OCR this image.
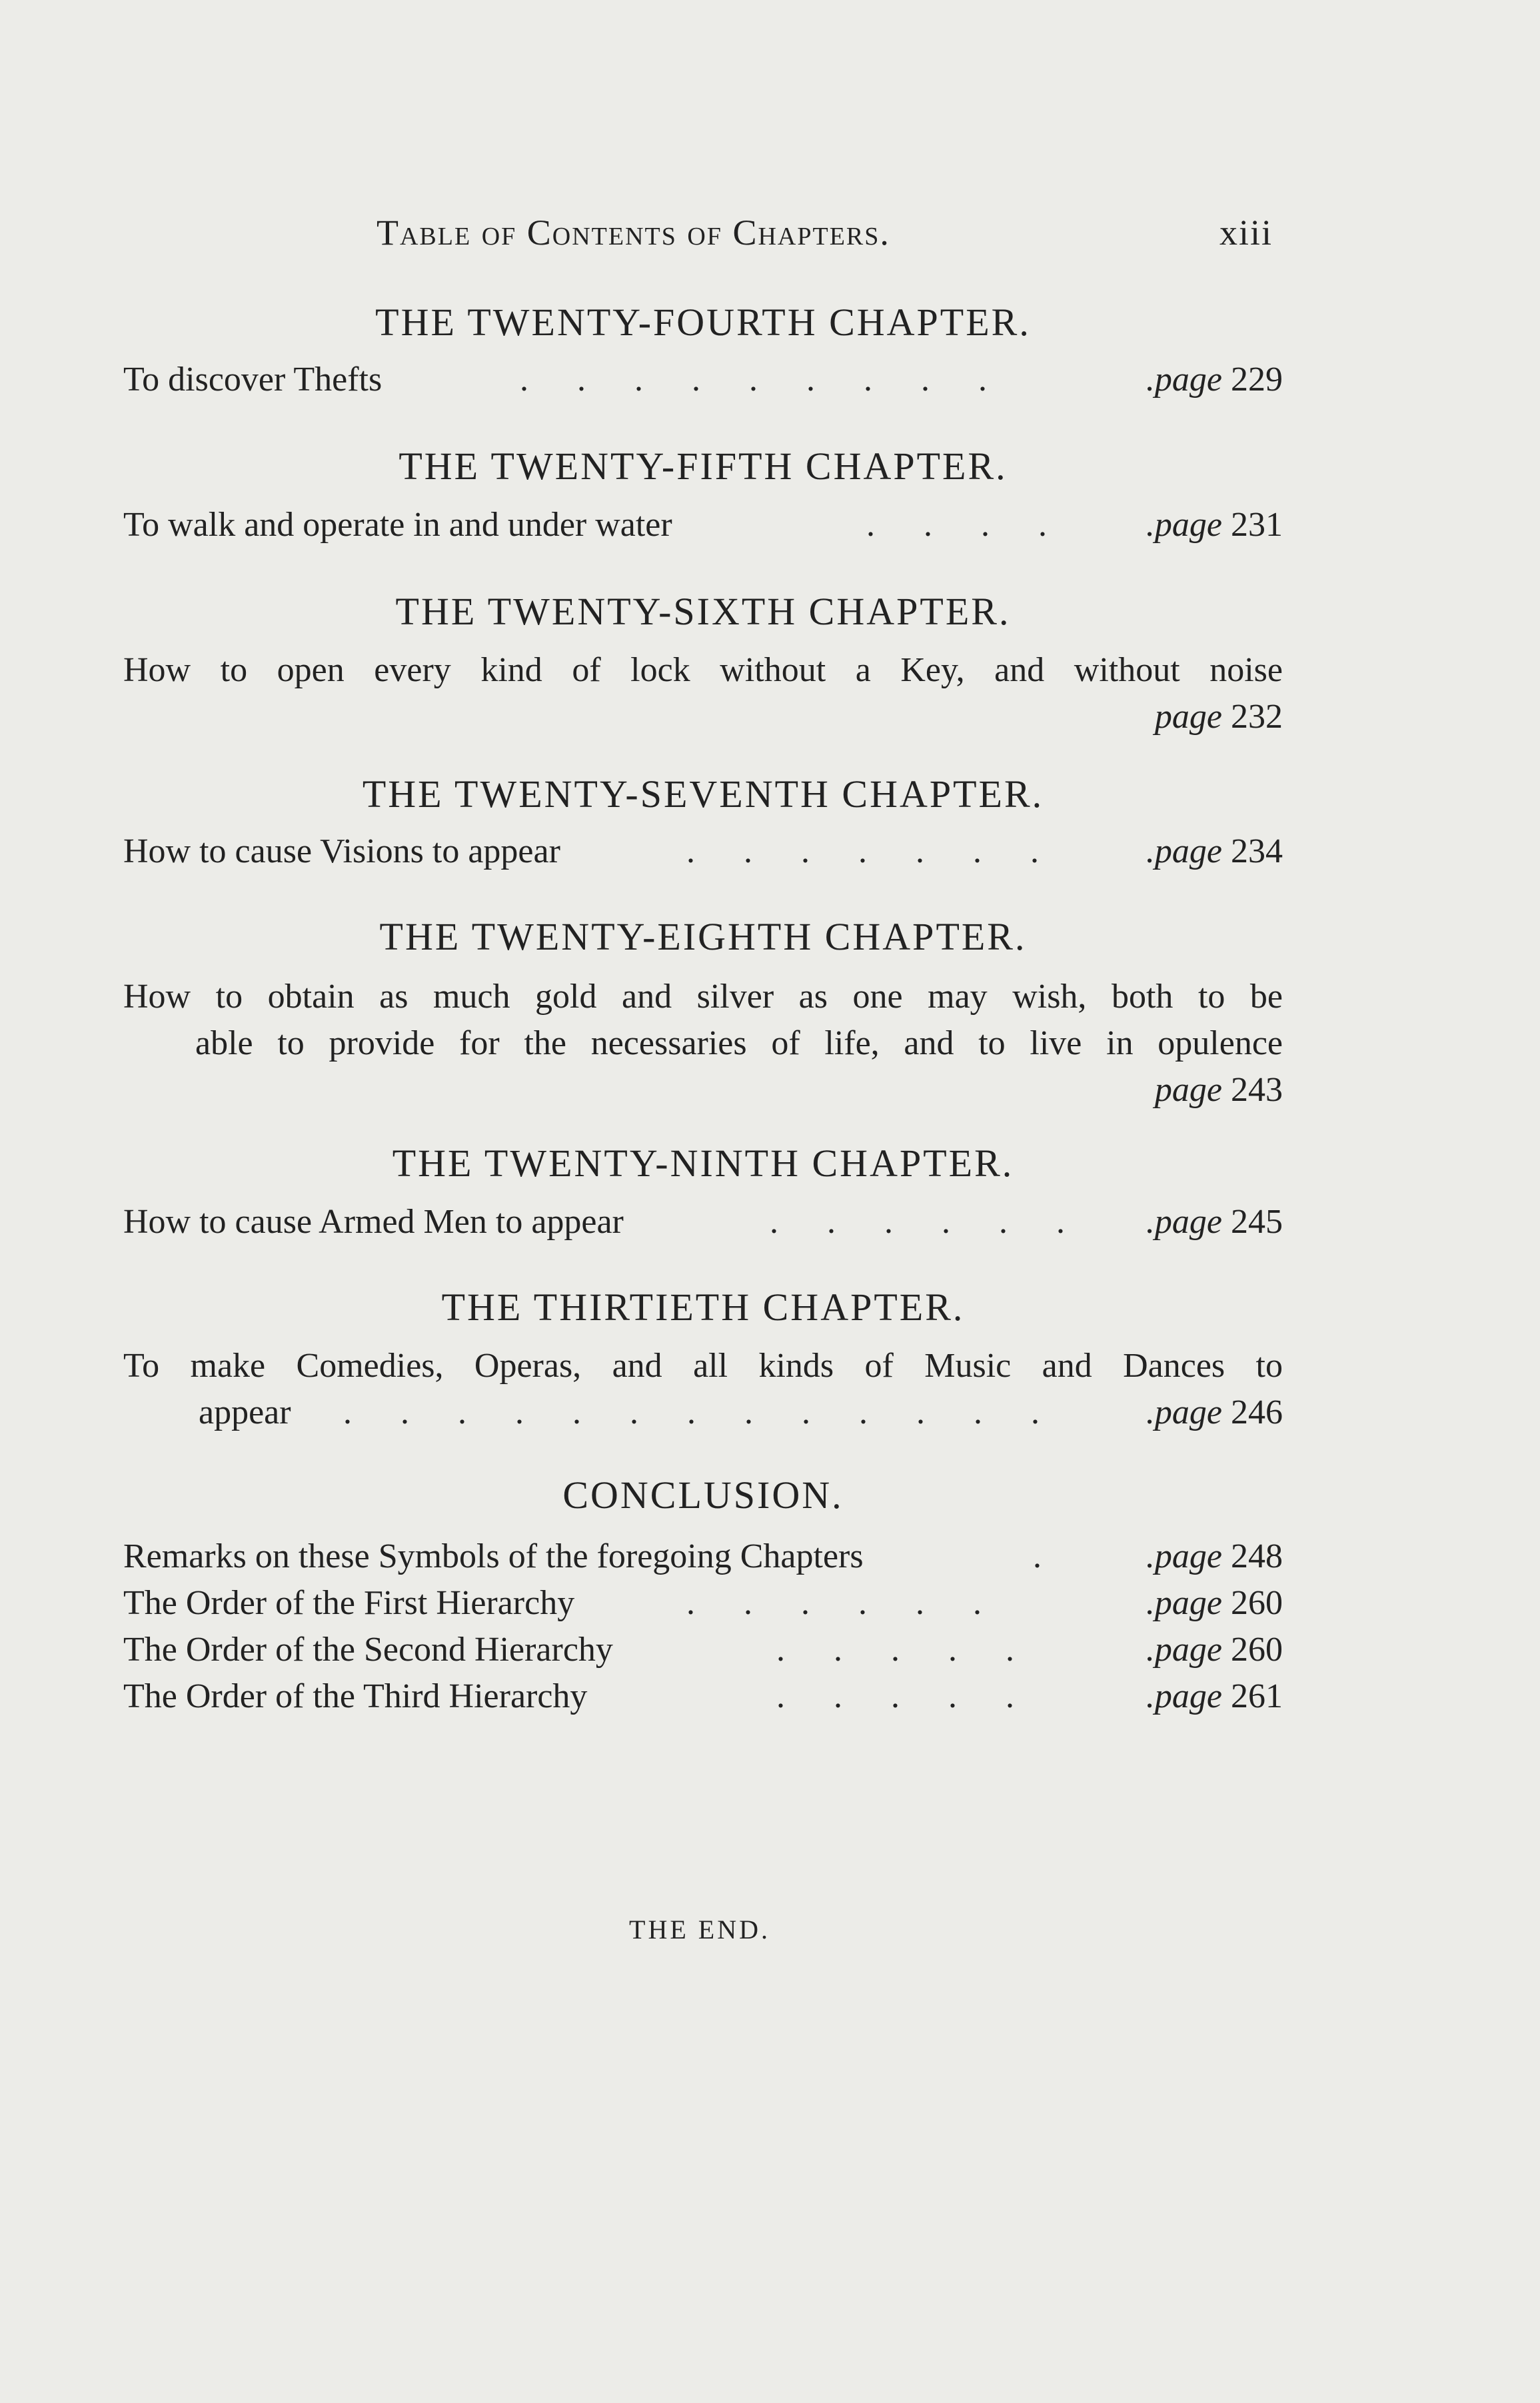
Table of Contents of Chapters.	xiii
THE TWENTY-FOURTH CHAPTER.
To discover Thefts	. . . . . . . . .	.page 229
THE TWENTY-FIFTH CHAPTER.
To walk and operate in and under water	. . . . .page 231
THE TWENTY-SIXTH CHAPTER.
How to open every kind of lock without a Key, and without noise
page 232
THE TWENTY-SEVENTH CHAPTER.
How to cause Visions to appear	. . . . . . .	.page 234
THE TWENTY-EIGHTH CHAPTER.
How to obtain as much gold and silver as one may wish, both to be
able to provide for the necessaries of life, and to live in opulence
page 243
THE TWENTY-NINTH CHAPTER.
How to cause Armed Men to appear	. . . . . . .page 245
THE THIRTIETH CHAPTER.
To make Comedies, Operas, and all kinds of Music and Dances to
appear . . . . . . . . . . . . . .page 246
CONCLUSION.
Remarks on these Symbols of the foregoing Chapters	. .page 248
The Order of the First Hierarchy	. . . . . .	.page 260
The Order of the Second Hierarchy	. . . . .	.page 260
The Order of the Third Hierarchy	. . . . .	.page 261
THE END.
